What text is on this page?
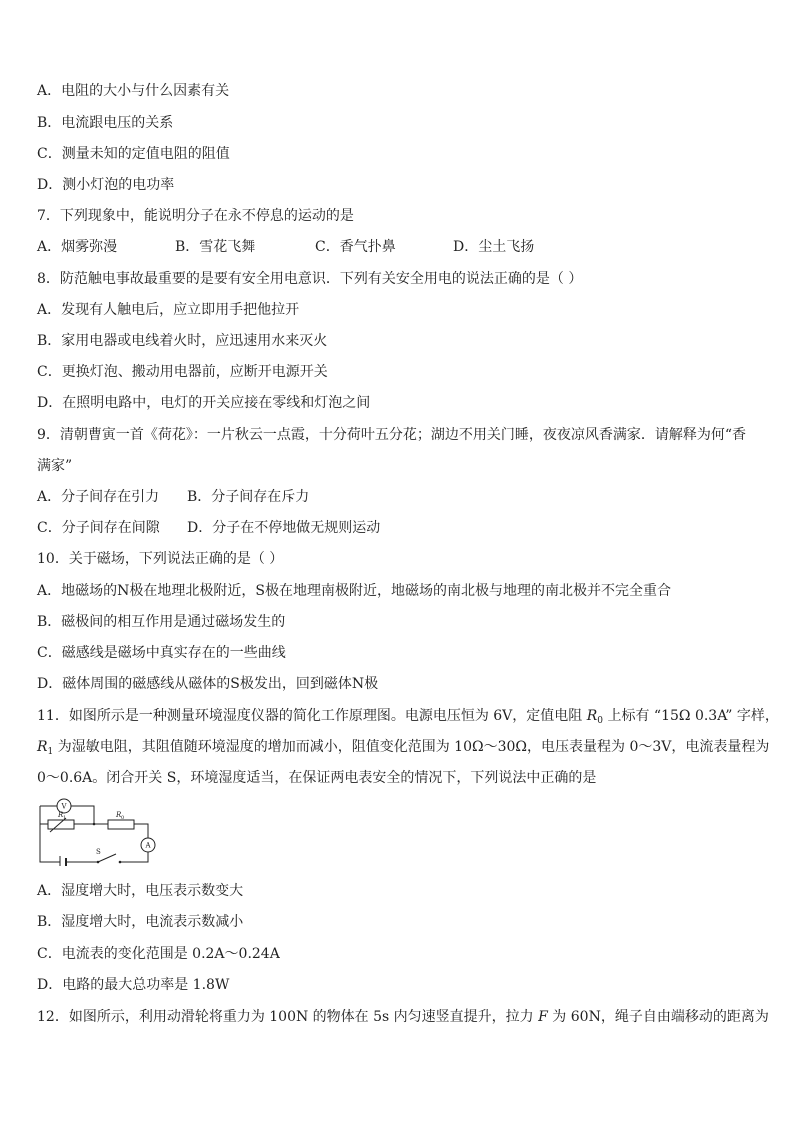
A．电阻的大小与什么因素有关
B．电流跟电压的关系
C．测量未知的定值电阻的阻值
D．测小灯泡的电功率
7．下列现象中，能说明分子在永不停息的运动的是
A．烟雾弥漫	B．雪花飞舞	C．香气扑鼻	D．尘土飞扬
8．防范触电事故最重要的是要有安全用电意识．下列有关安全用电的说法正确的是（ ）
A．发现有人触电后，应立即用手把他拉开
B．家用电器或电线着火时，应迅速用水来灭火
C．更换灯泡、搬动用电器前，应断开电源开关
D．在照明电路中，电灯的开关应接在零线和灯泡之间
9．清朝曹寅一首《荷花》：一片秋云一点霞，十分荷叶五分花；湖边不用关门睡，夜夜凉风香满家．请解释为何“香
满家”
A．分子间存在引力	B．分子间存在斥力
C．分子间存在间隙	D．分子在不停地做无规则运动
10．关于磁场，下列说法正确的是（ ）
A．地磁场的N极在地理北极附近，S极在地理南极附近，地磁场的南北极与地理的南北极并不完全重合
B．磁极间的相互作用是通过磁场发生的
C．磁感线是磁场中真实存在的一些曲线
D．磁体周围的磁感线从磁体的S极发出，回到磁体N极
11．如图所示是一种测量环境湿度仪器的简化工作原理图。电源电压恒为 6V，定值电阻 $R_0$ 上标有 “15Ω 0.3A” 字样，
$R_1$ 为湿敏电阻，其阻值随环境湿度的增加而减小，阻值变化范围为 10Ω～30Ω，电压表量程为 0～3V，电流表量程为
0～0.6A。闭合开关 S，环境湿度适当，在保证两电表安全的情况下，下列说法中正确的是
V
A
S
R 1	R 0
A．湿度增大时，电压表示数变大
B．湿度增大时，电流表示数减小
C．电流表的变化范围是 0.2A～0.24A
D．电路的最大总功率是 1.8W
12．如图所示，利用动滑轮将重力为 100N 的物体在 5s 内匀速竖直提升，拉力 F 为 60N，绳子自由端移动的距离为
